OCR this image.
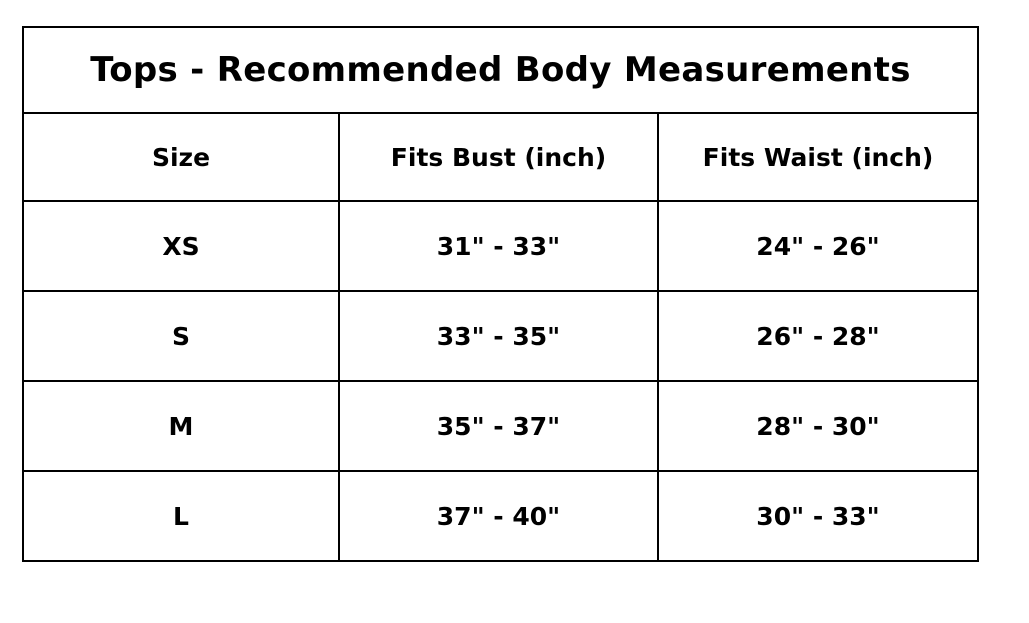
Tops - Recommended Body Measurements		
Size	Fits Bust (inch)	Fits Waist (inch)
XS	31" - 33"	24" - 26"
S	33" - 35"	26" - 28"
M	35" - 37"	28" - 30"
L	37" - 40"	30" - 33"
